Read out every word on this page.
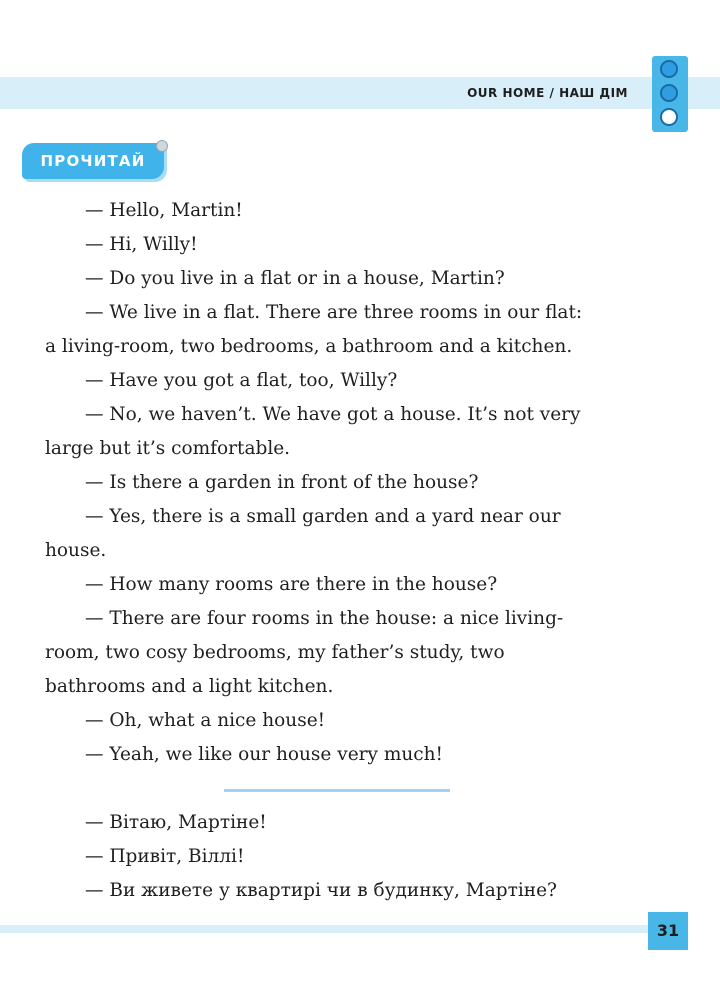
OUR HOME / НАШ ДІМ
ПРОЧИТАЙ

— Hello, Martin!

— Hi, Willy!

— Do you live in a flat or in a house, Martin?

— We live in a flat. There are three rooms in our flat:

a living-room, two bedrooms, a bathroom and a kitchen.

— Have you got a flat, too, Willy?

— No, we haven’t. We have got a house. It’s not very

large but it’s comfortable.

— Is there a garden in front of the house?

— Yes, there is a small garden and a yard near our

house.

— How many rooms are there in the house?

— There are four rooms in the house: a nice living-

room, two cosy bedrooms, my father’s study, two

bathrooms and a light kitchen.

— Oh, what a nice house!

— Yeah, we like our house very much!

— Вітаю, Мартіне!

— Привіт, Віллі!

— Ви живете у квартирі чи в будинку, Мартіне?

31
